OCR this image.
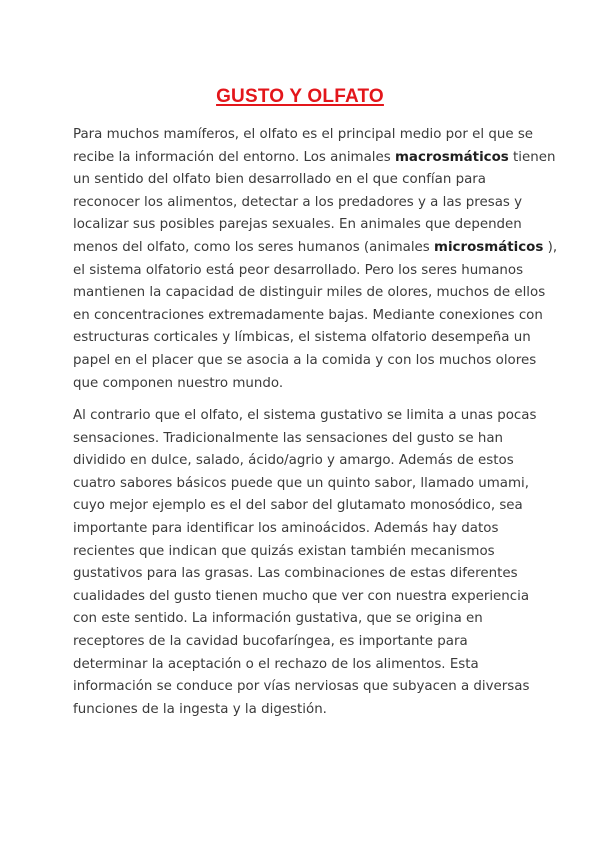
GUSTO Y OLFATO

Para muchos mamíferos, el olfato es el principal medio por el que se
recibe la información del entorno. Los animales macrosmáticos tienen
un sentido del olfato bien desarrollado en el que confían para
reconocer los alimentos, detectar a los predadores y a las presas y
localizar sus posibles parejas sexuales. En animales que dependen
menos del olfato, como los seres humanos (animales microsmáticos ),
el sistema olfatorio está peor desarrollado. Pero los seres humanos
mantienen la capacidad de distinguir miles de olores, muchos de ellos
en concentraciones extremadamente bajas. Mediante conexiones con
estructuras corticales y límbicas, el sistema olfatorio desempeña un
papel en el placer que se asocia a la comida y con los muchos olores
que componen nuestro mundo.

Al contrario que el olfato, el sistema gustativo se limita a unas pocas
sensaciones. Tradicionalmente las sensaciones del gusto se han
dividido en dulce, salado, ácido/agrio y amargo. Además de estos
cuatro sabores básicos puede que un quinto sabor, llamado umami,
cuyo mejor ejemplo es el del sabor del glutamato monosódico, sea
importante para identificar los aminoácidos. Además hay datos
recientes que indican que quizás existan también mecanismos
gustativos para las grasas. Las combinaciones de estas diferentes
cualidades del gusto tienen mucho que ver con nuestra experiencia
con este sentido. La información gustativa, que se origina en
receptores de la cavidad bucofaríngea, es importante para
determinar la aceptación o el rechazo de los alimentos. Esta
información se conduce por vías nerviosas que subyacen a diversas
funciones de la ingesta y la digestión.
